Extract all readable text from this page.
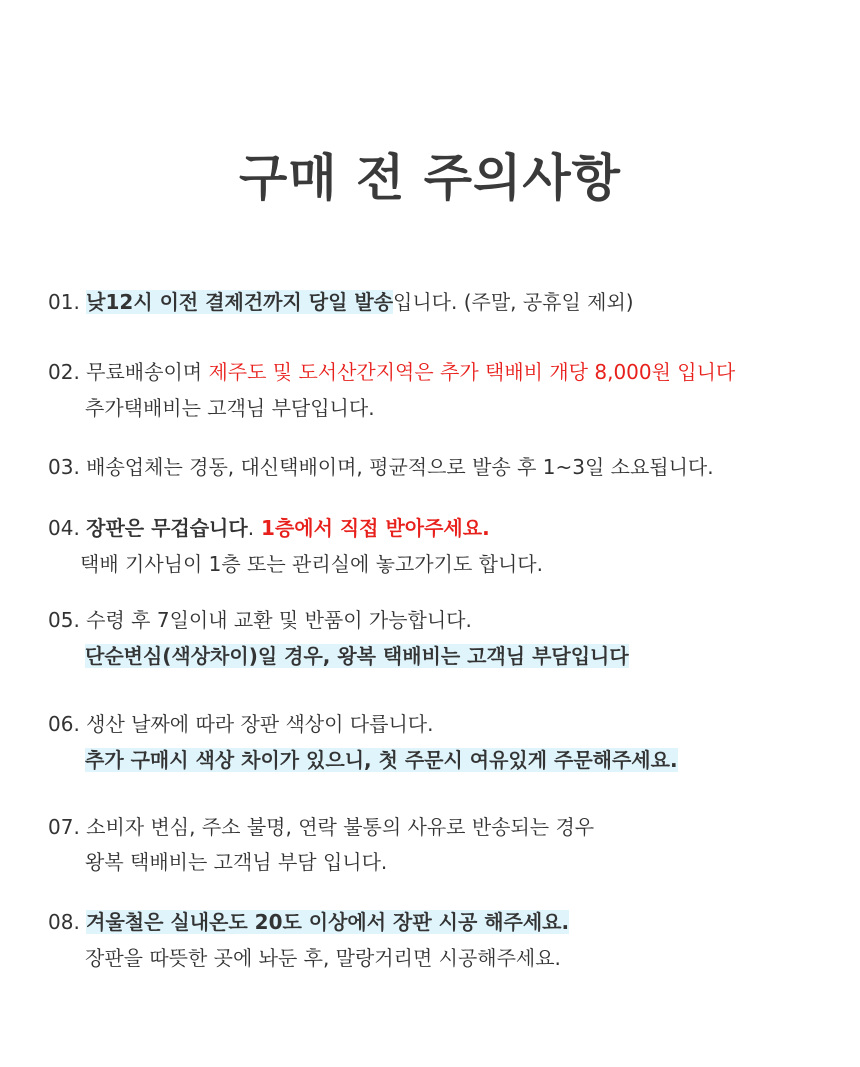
구매 전 주의사항
01. 낮12시 이전 결제건까지 당일 발송입니다. (주말, 공휴일 제외)
02. 무료배송이며 제주도 및 도서산간지역은 추가 택배비 개당 8,000원 입니다
추가택배비는 고객님 부담입니다.
03. 배송업체는 경동, 대신택배이며, 평균적으로 발송 후 1~3일 소요됩니다.
04. 장판은 무겁습니다. 1층에서 직접 받아주세요.
택배 기사님이 1층 또는 관리실에 놓고가기도 합니다.
05. 수령 후 7일이내 교환 및 반품이 가능합니다.
단순변심(색상차이)일 경우, 왕복 택배비는 고객님 부담입니다
06. 생산 날짜에 따라 장판 색상이 다릅니다.
추가 구매시 색상 차이가 있으니, 첫 주문시 여유있게 주문해주세요.
07. 소비자 변심, 주소 불명, 연락 불통의 사유로 반송되는 경우
왕복 택배비는 고객님 부담 입니다.
08. 겨울철은 실내온도 20도 이상에서 장판 시공 해주세요.
장판을 따뜻한 곳에 놔둔 후, 말랑거리면 시공해주세요.
